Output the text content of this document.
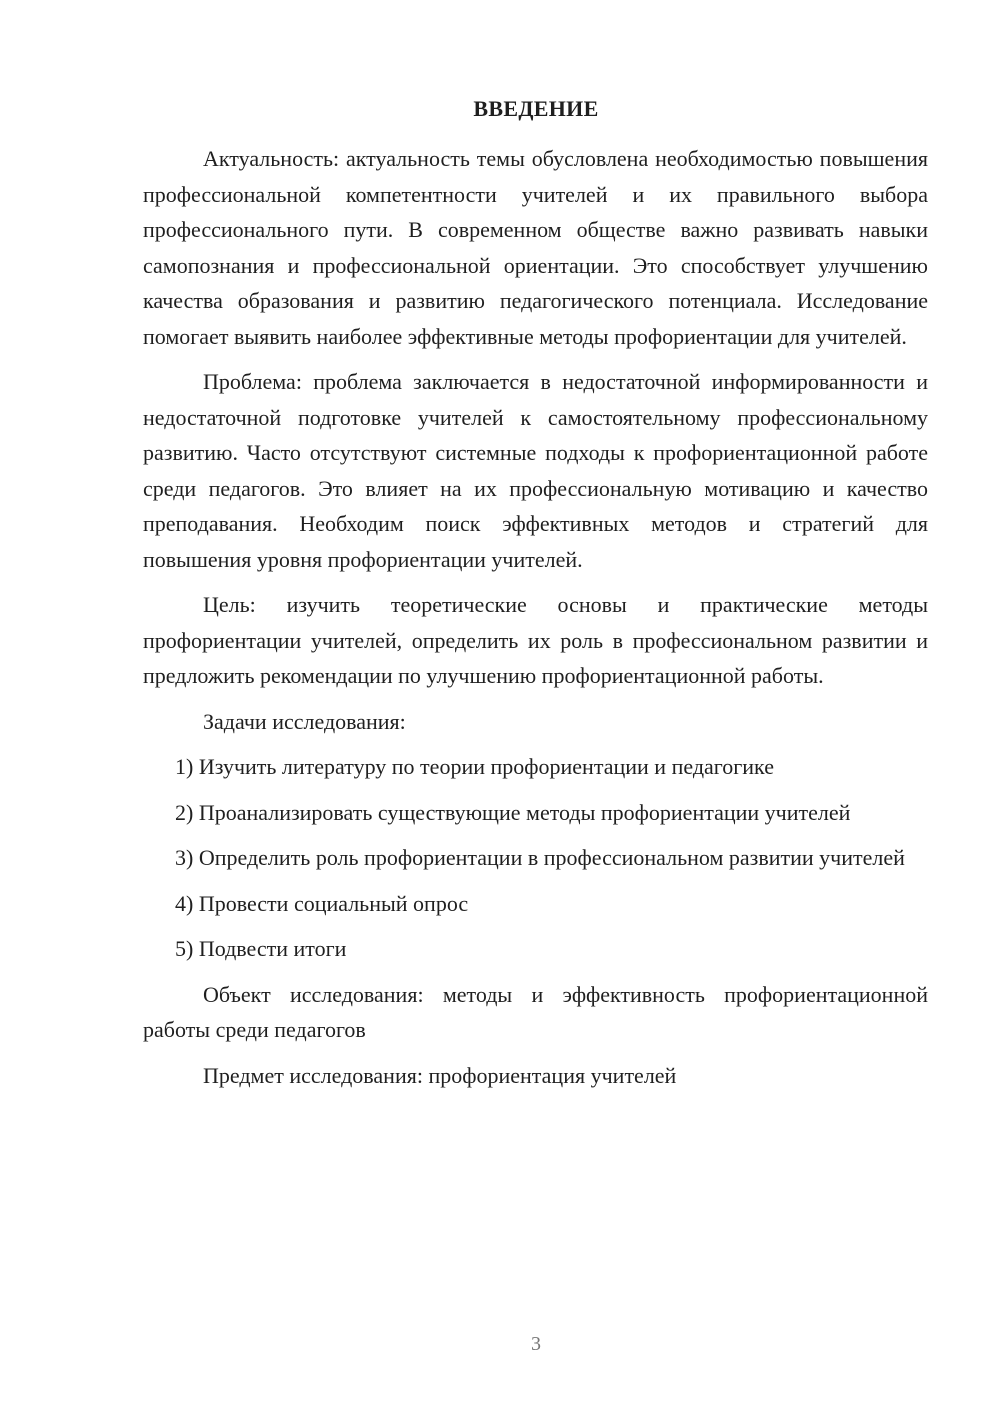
ВВЕДЕНИЕ

Актуальность: актуальность темы обусловлена необходимостью повышения профессиональной компетентности учителей и их правильного выбора профессионального пути. В современном обществе важно развивать навыки самопознания и профессиональной ориентации. Это способствует улучшению качества образования и развитию педагогического потенциала. Исследование помогает выявить наиболее эффективные методы профориентации для учителей.

Проблема: проблема заключается в недостаточной информированности и недостаточной подготовке учителей к самостоятельному профессиональному развитию. Часто отсутствуют системные подходы к профориентационной работе среди педагогов. Это влияет на их профессиональную мотивацию и качество преподавания. Необходим поиск эффективных методов и стратегий для повышения уровня профориентации учителей.

Цель: изучить теоретические основы и практические методы профориентации учителей, определить их роль в профессиональном развитии и предложить рекомендации по улучшению профориентационной работы.

Задачи исследования:

1) Изучить литературу по теории профориентации и педагогике

2) Проанализировать существующие методы профориентации учителей

3) Определить роль профориентации в профессиональном развитии учителей

4) Провести социальный опрос

5) Подвести итоги

Объект исследования: методы и эффективность профориентационной работы среди педагогов

Предмет исследования: профориентация учителей

3
